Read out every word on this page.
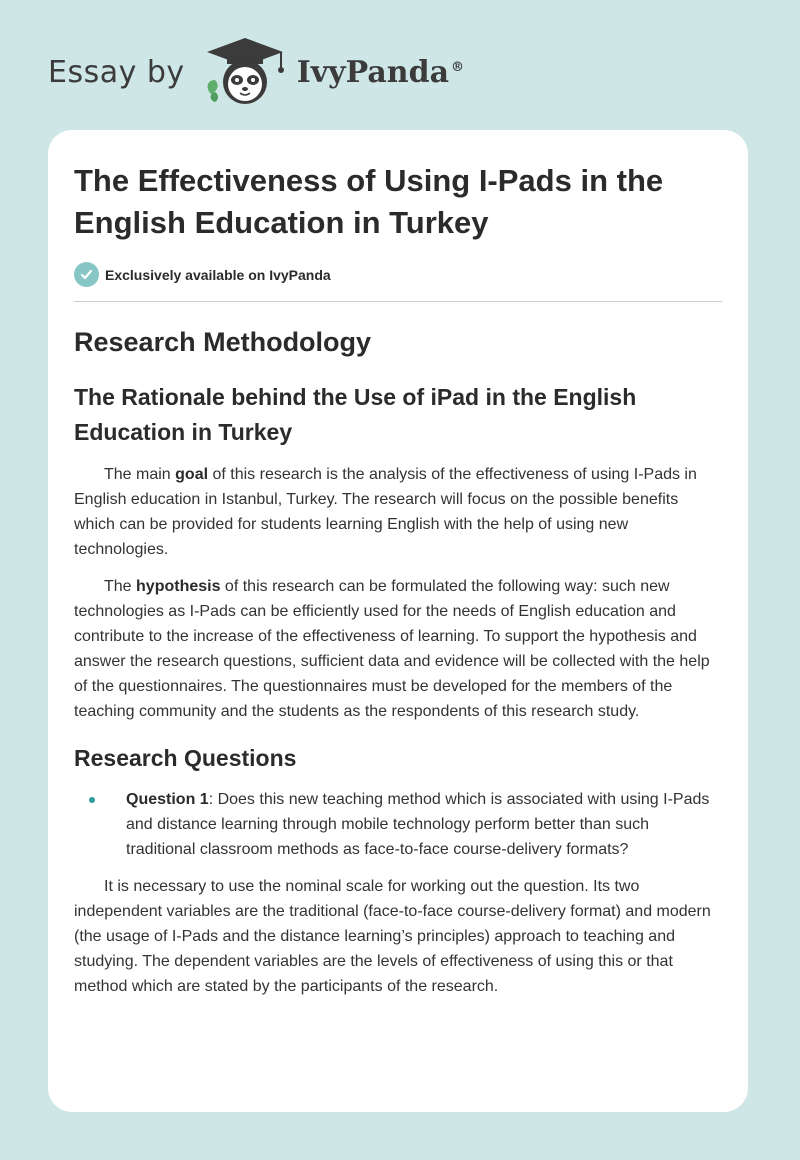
Essay by	IvyPanda ®
The Effectiveness of Using I-Pads in the English Education in Turkey
Exclusively available on IvyPanda
Research Methodology
The Rationale behind the Use of iPad in the English Education in Turkey

The main goal of this research is the analysis of the effectiveness of using I-Pads in English education in Istanbul, Turkey. The research will focus on the possible benefits which can be provided for students learning English with the help of using new technologies.

The hypothesis of this research can be formulated the following way: such new technologies as I-Pads can be efficiently used for the needs of English education and contribute to the increase of the effectiveness of learning. To support the hypothesis and answer the research questions, sufficient data and evidence will be collected with the help of the questionnaires. The questionnaires must be developed for the members of the teaching community and the students as the respondents of this research study.

Research Questions
Question 1: Does this new teaching method which is associated with using I-Pads and distance learning through mobile technology perform better than such traditional classroom methods as face-to-face course-delivery formats?

It is necessary to use the nominal scale for working out the question. Its two independent variables are the traditional (face-to-face course-delivery format) and modern (the usage of I-Pads and the distance learning’s principles) approach to teaching and studying. The dependent variables are the levels of effectiveness of using this or that method which are stated by the participants of the research.
